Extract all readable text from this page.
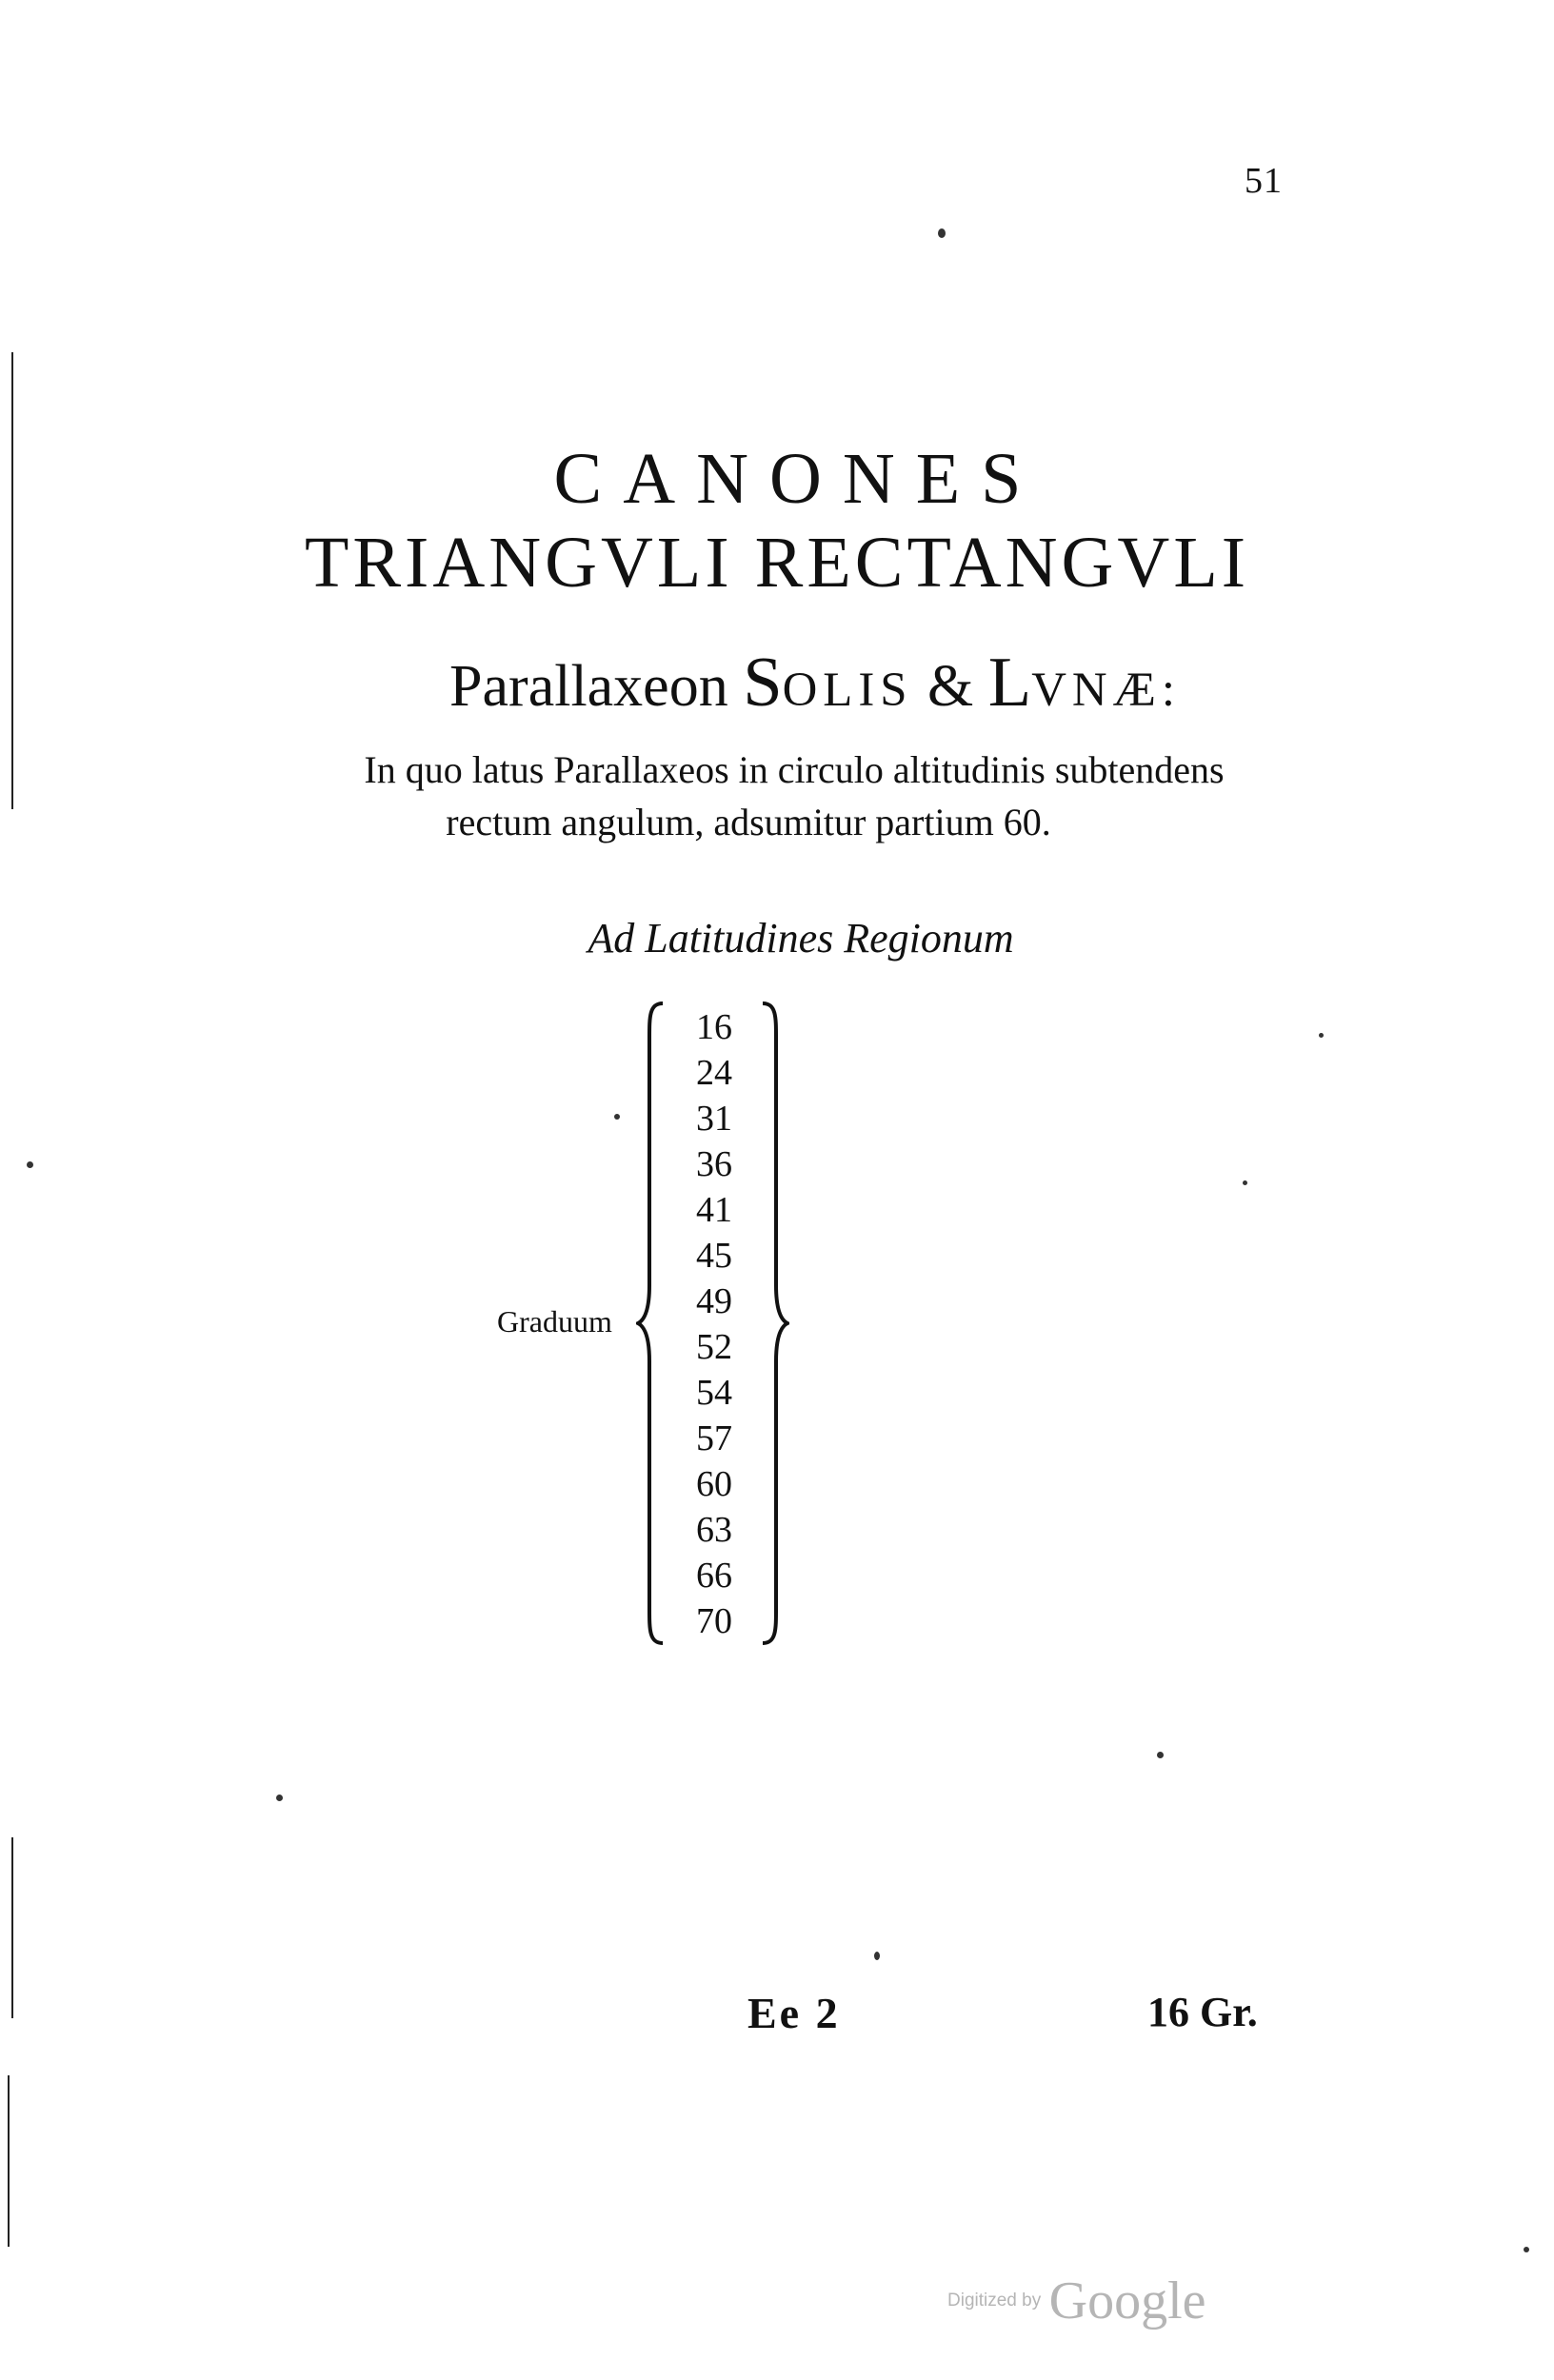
51
CANONES
TRIANGVLI RECTANGVLI
Parallaxeon SOLIS & LVNÆ:
In quo latus Parallaxeos in circulo altitudinis subtendens
rectum angulum, adsumitur partium 60.
Ad Latitudines Regionum
16
24
31
36
41
45
49
52
54
57
60
63
66
70
Graduum
Ee 2	16 Gr.
Digitized by Google
